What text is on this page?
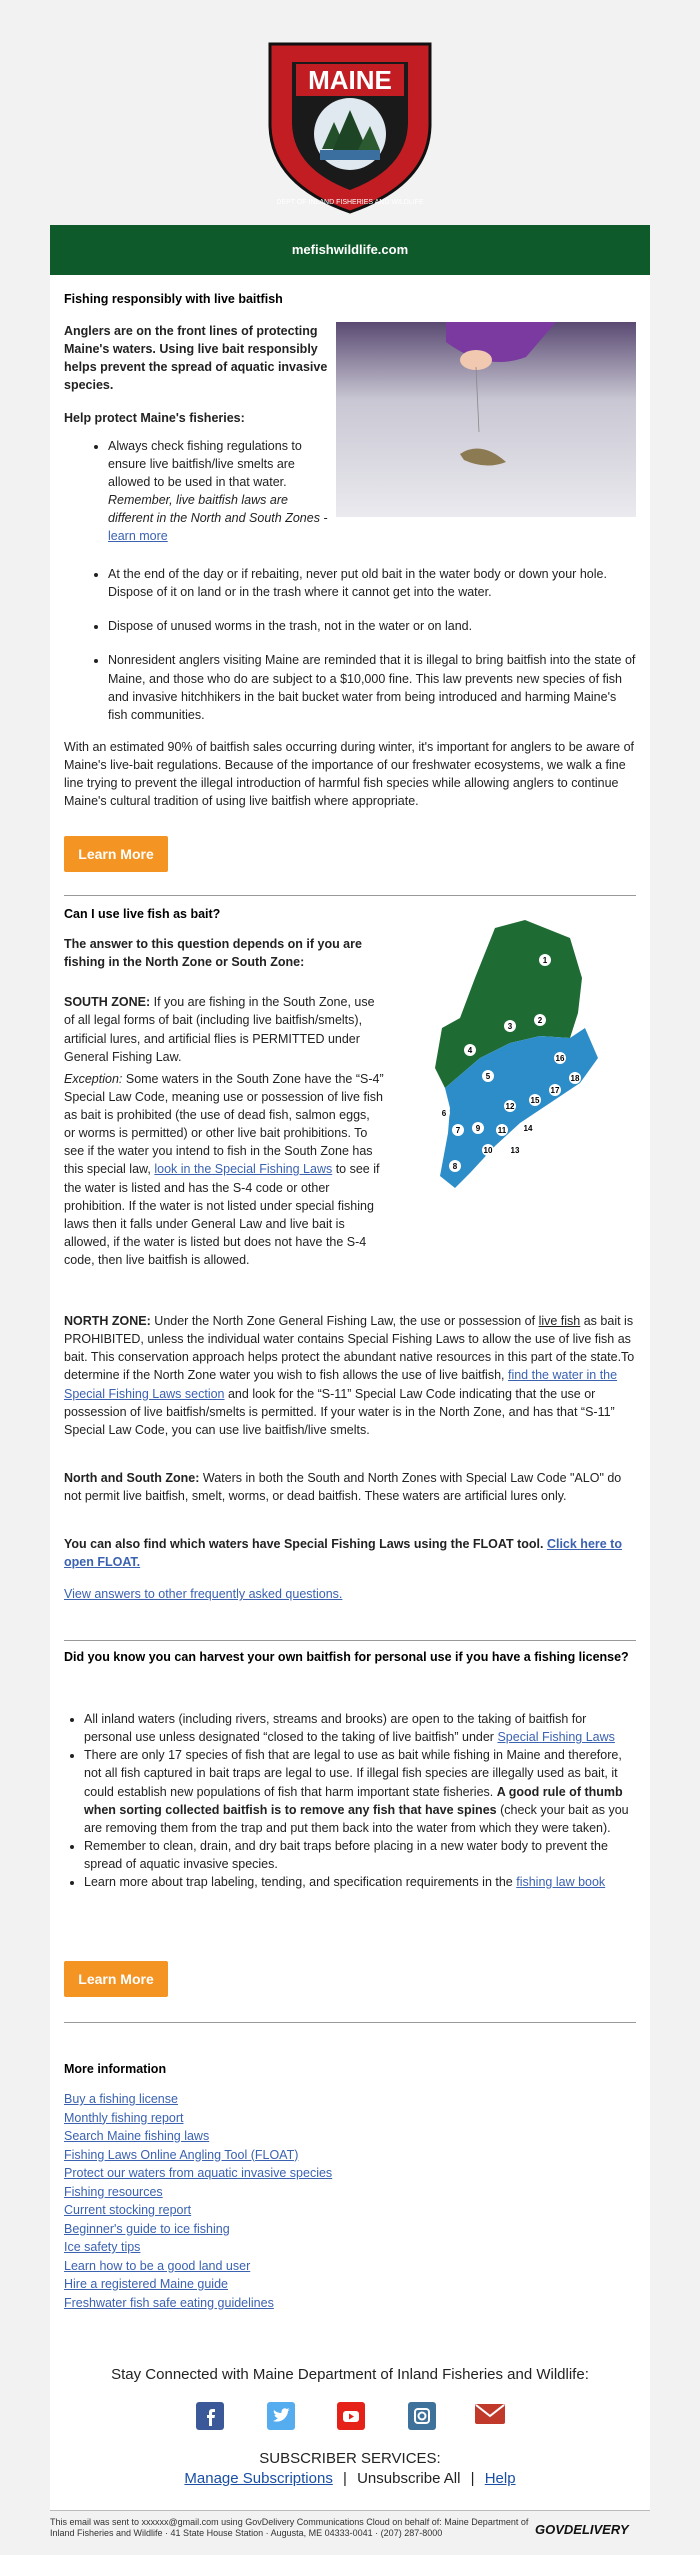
MAINE
DEPT OF INLAND FISHERIES AND WILDLIFE
mefishwildlife.com
Fishing responsibly with live baitfish

Anglers are on the front lines of protecting Maine's waters. Using live bait responsibly helps prevent the spread of aquatic invasive species.

Help protect Maine's fisheries:

• Always check fishing regulations to ensure live baitfish/live smelts are allowed to be used in that water. Remember, live baitfish laws are different in the North and South Zones - learn more
• At the end of the day or if rebaiting, never put old bait in the water body or down your hole. Dispose of it on land or in the trash where it cannot get into the water.
• Dispose of unused worms in the trash, not in the water or on land.
• Nonresident anglers visiting Maine are reminded that it is illegal to bring baitfish into the state of Maine, and those who do are subject to a $10,000 fine. This law prevents new species of fish and invasive hitchhikers in the bait bucket water from being introduced and harming Maine's fish communities.

With an estimated 90% of baitfish sales occurring during winter, it's important for anglers to be aware of Maine's live-bait regulations. Because of the importance of our freshwater ecosystems, we walk a fine line trying to prevent the illegal introduction of harmful fish species while allowing anglers to continue Maine's cultural tradition of using live baitfish where appropriate.

Learn More
Can I use live fish as bait?

The answer to this question depends on if you are fishing in the North Zone or South Zone:

SOUTH ZONE: If you are fishing in the South Zone, use of all legal forms of bait (including live baitfish/smelts), artificial lures, and artificial flies is PERMITTED under General Fishing Law.

Exception: Some waters in the South Zone have the “S-4” Special Law Code, meaning use or possession of live fish as bait is prohibited (the use of dead fish, salmon eggs, or worms is permitted) or other live bait prohibitions. To see if the water you intend to fish in the South Zone has this special law, look in the Special Fishing Laws to see if the water is listed and has the S-4 code or other prohibition. If the water is not listed under special fishing laws then it falls under General Law and live bait is allowed, if the water is listed but does not have the S-4 code, then live baitfish is allowed.

1
2
3
4
5
6
7
8
9
10
11
12
13
14
15
16
17
18

NORTH ZONE: Under the North Zone General Fishing Law, the use or possession of live fish as bait is PROHIBITED, unless the individual water contains Special Fishing Laws to allow the use of live fish as bait. This conservation approach helps protect the abundant native resources in this part of the state.To determine if the North Zone water you wish to fish allows the use of live baitfish, find the water in the Special Fishing Laws section and look for the “S-11” Special Law Code indicating that the use or possession of live baitfish/smelts is permitted. If your water is in the North Zone, and has that “S-11” Special Law Code, you can use live baitfish/live smelts.

North and South Zone: Waters in both the South and North Zones with Special Law Code "ALO" do not permit live baitfish, smelt, worms, or dead baitfish. These waters are artificial lures only.

You can also find which waters have Special Fishing Laws using the FLOAT tool. Click here to open FLOAT.

View answers to other frequently asked questions.

Did you know you can harvest your own baitfish for personal use if you have a fishing license?
• All inland waters (including rivers, streams and brooks) are open to the taking of baitfish for personal use unless designated “closed to the taking of live baitfish” under Special Fishing Laws
• There are only 17 species of fish that are legal to use as bait while fishing in Maine and therefore, not all fish captured in bait traps are legal to use. If illegal fish species are illegally used as bait, it could establish new populations of fish that harm important state fisheries. A good rule of thumb when sorting collected baitfish is to remove any fish that have spines (check your bait as you are removing them from the trap and put them back into the water from which they were taken).
• Remember to clean, drain, and dry bait traps before placing in a new water body to prevent the spread of aquatic invasive species.
• Learn more about trap labeling, tending, and specification requirements in the fishing law book
Learn More
More information
Buy a fishing license
Monthly fishing report
Search Maine fishing laws
Fishing Laws Online Angling Tool (FLOAT)
Protect our waters from aquatic invasive species
Fishing resources
Current stocking report
Beginner's guide to ice fishing
Ice safety tips
Learn how to be a good land user
Hire a registered Maine guide
Freshwater fish safe eating guidelines
Stay Connected with Maine Department of Inland Fisheries and Wildlife:
SUBSCRIBER SERVICES:
Manage Subscriptions | Unsubscribe All | Help
This email was sent to xxxxxx@gmail.com using GovDelivery Communications Cloud on behalf of: Maine Department of Inland Fisheries and Wildlife · 41 State House Station · Augusta, ME 04333-0041 · (207) 287-8000	GOVDELIVERY
